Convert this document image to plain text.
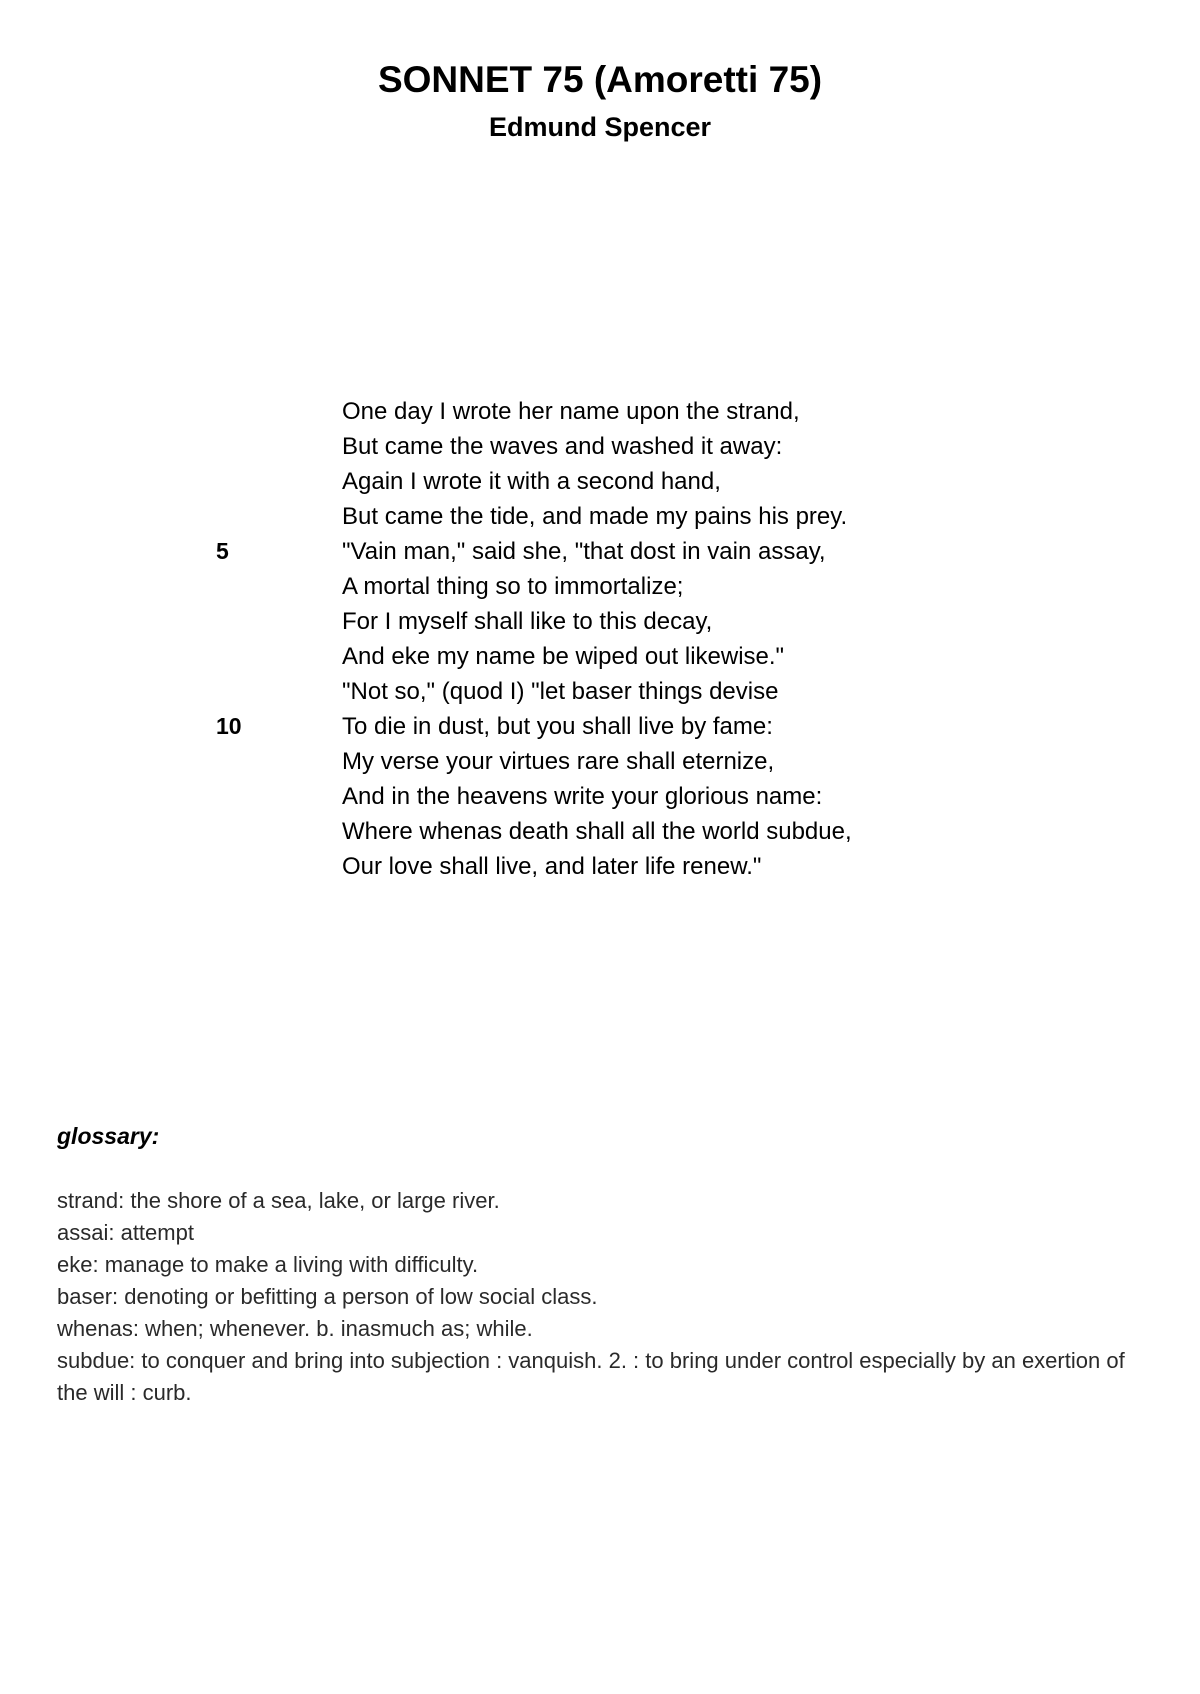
SONNET 75 (Amoretti 75)
Edmund Spencer
One day I wrote her name upon the strand,
But came the waves and washed it away:
Again I wrote it with a second hand,
But came the tide, and made my pains his prey.
5	"Vain man," said she, "that dost in vain assay,
A mortal thing so to immortalize;
For I myself shall like to this decay,
And eke my name be wiped out likewise."
"Not so," (quod I) "let baser things devise
10	To die in dust, but you shall live by fame:
My verse your virtues rare shall eternize,
And in the heavens write your glorious name:
Where whenas death shall all the world subdue,
Our love shall live, and later life renew."
glossary:
strand: the shore of a sea, lake, or large river.
assai: attempt
eke: manage to make a living with difficulty.
baser: denoting or befitting a person of low social class.
whenas: when; whenever. b. inasmuch as; while.
subdue: to conquer and bring into subjection : vanquish. 2. : to bring under control especially by an exertion of the will : curb.
